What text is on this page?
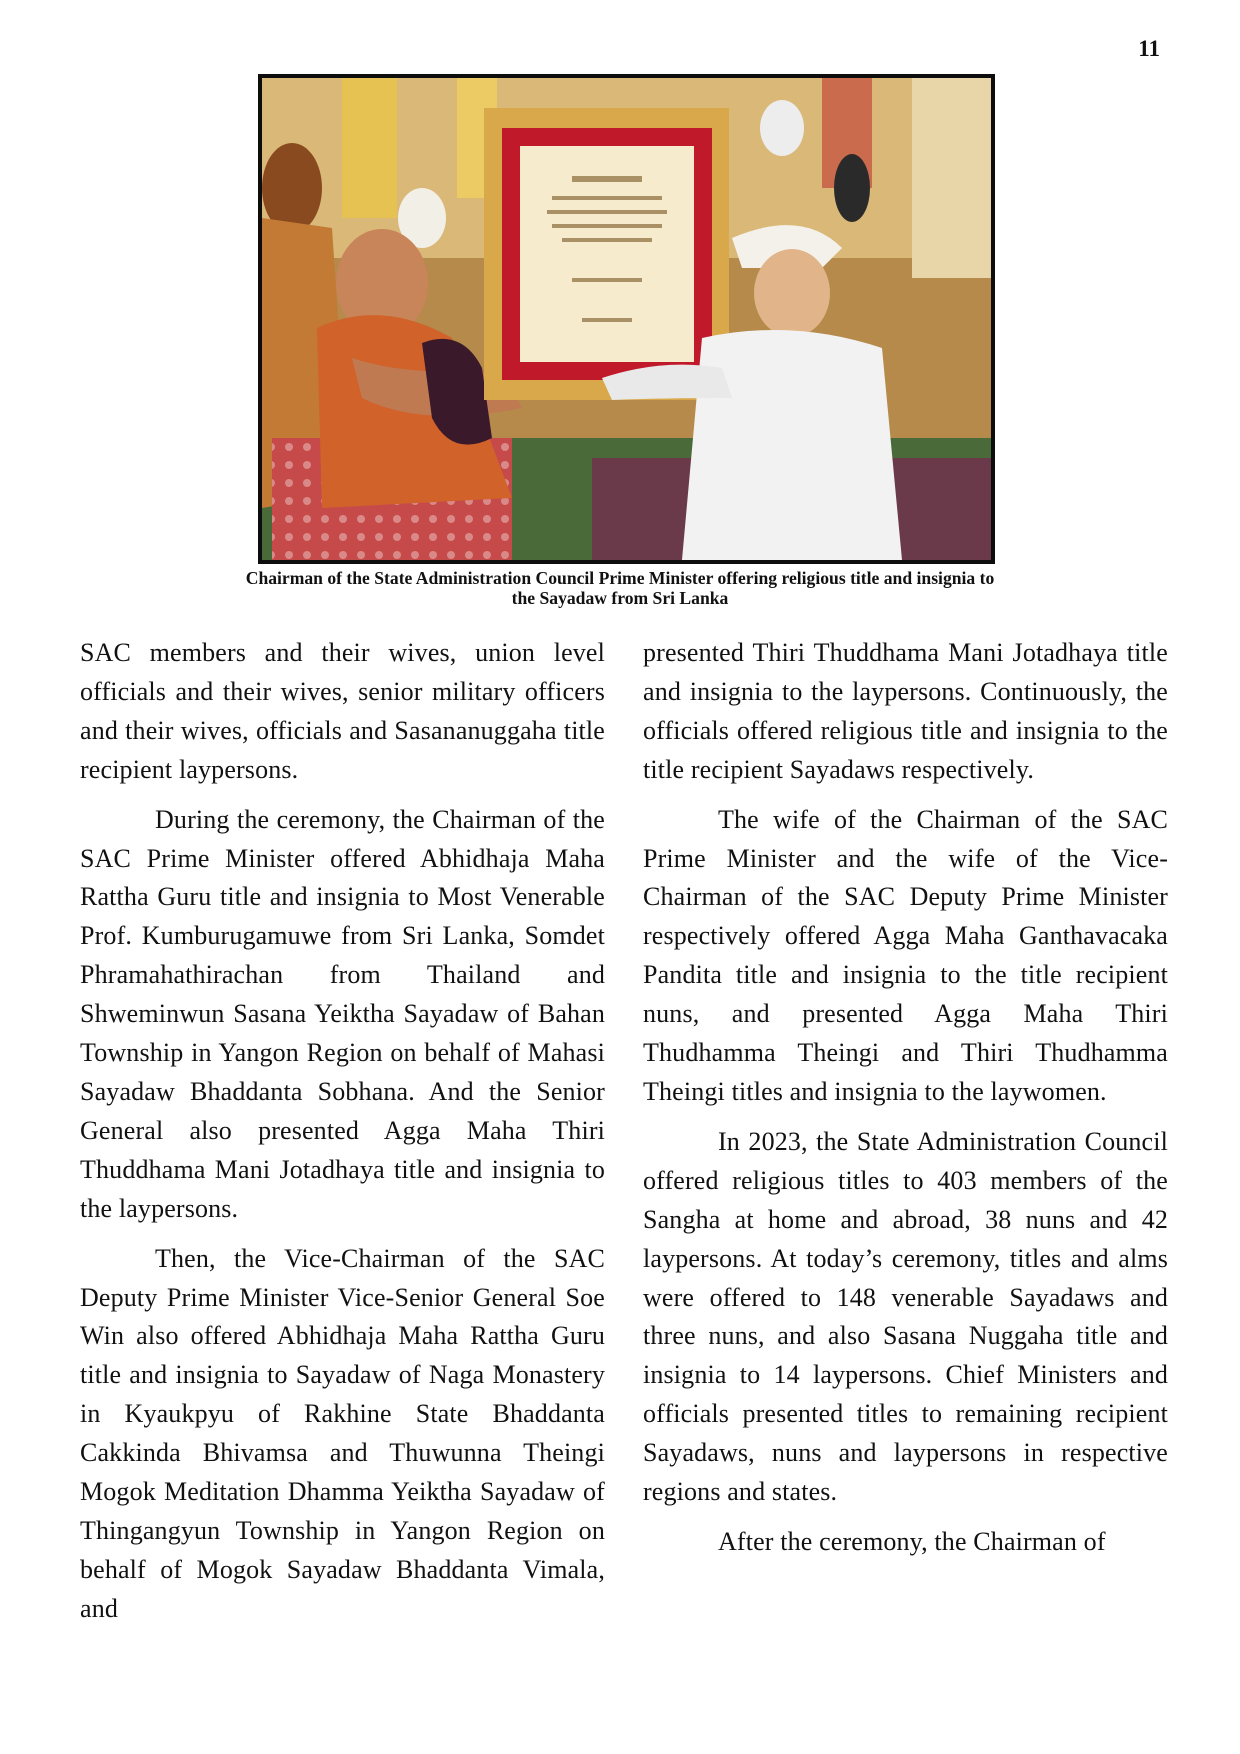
11
Chairman of the State Administration Council Prime Minister offering religious title and insignia to
the Sayadaw from Sri Lanka

SAC members and their wives, union level officials and their wives, senior military officers and their wives, officials and Sasananuggaha title recipient laypersons.

During the ceremony, the Chairman of the SAC Prime Minister offered Abhidhaja Maha Rattha Guru title and insignia to Most Venerable Prof. Kumburugamuwe from Sri Lanka, Somdet Phramahathirachan from Thailand and Shweminwun Sasana Yeiktha Sayadaw of Bahan Township in Yangon Region on behalf of Mahasi Sayadaw Bhaddanta Sobhana. And the Senior General also presented Agga Maha Thiri Thuddhama Mani Jotadhaya title and insignia to the laypersons.

Then, the Vice-Chairman of the SAC Deputy Prime Minister Vice-Senior General Soe Win also offered Abhidhaja Maha Rattha Guru title and insignia to Sayadaw of Naga Monastery in Kyaukpyu of Rakhine State Bhaddanta Cakkinda Bhivamsa and Thuwunna Theingi Mogok Meditation Dhamma Yeiktha Sayadaw of Thingangyun Township in Yangon Region on behalf of Mogok Sayadaw Bhaddanta Vimala, and

presented Thiri Thuddhama Mani Jotadhaya title and insignia to the laypersons. Continuously, the officials offered religious title and insignia to the title recipient Sayadaws respectively.

The wife of the Chairman of the SAC Prime Minister and the wife of the Vice-Chairman of the SAC Deputy Prime Minister respectively offered Agga Maha Ganthavacaka Pandita title and insignia to the title recipient nuns, and presented Agga Maha Thiri Thudhamma Theingi and Thiri Thudhamma Theingi titles and insignia to the laywomen.

In 2023, the State Administration Council offered religious titles to 403 members of the Sangha at home and abroad, 38 nuns and 42 laypersons. At today’s ceremony, titles and alms were offered to 148 venerable Sayadaws and three nuns, and also Sasana Nuggaha title and insignia to 14 laypersons. Chief Ministers and officials presented titles to remaining recipient Sayadaws, nuns and laypersons in respective regions and states.

After the ceremony, the Chairman of
